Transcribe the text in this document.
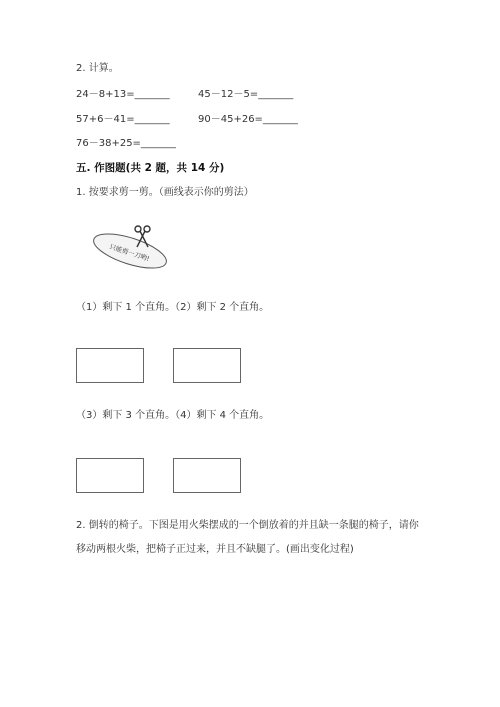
2. 计算。
24－8+13=_______	45－12－5=_______
57+6－41=_______	90－45+26=_______
76－38+25=_______
五. 作图题(共 2 题，共 14 分)
1. 按要求剪一剪。（画线表示你的剪法）
只能剪一刀哟!
（1）剩下 1 个直角。（2）剩下 2 个直角。
（3）剩下 3 个直角。（4）剩下 4 个直角。
2. 倒转的椅子。下图是用火柴摆成的一个倒放着的并且缺一条腿的椅子，请你
移动两根火柴，把椅子正过来，并且不缺腿了。(画出变化过程)
